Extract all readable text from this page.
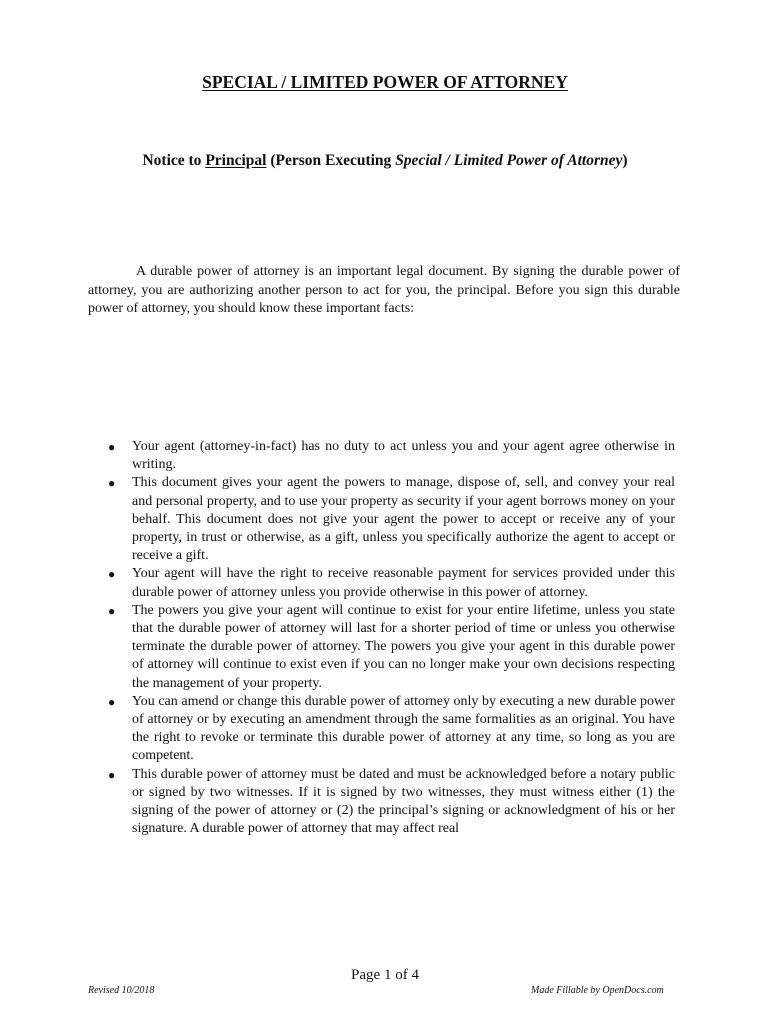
SPECIAL / LIMITED POWER OF ATTORNEY
Notice to Principal (Person Executing Special / Limited Power of Attorney)

A durable power of attorney is an important legal document. By signing the durable power of attorney, you are authorizing another person to act for you, the principal. Before you sign this durable power of attorney, you should know these important facts:

● Your agent (attorney-in-fact) has no duty to act unless you and your agent agree otherwise in writing.
● This document gives your agent the powers to manage, dispose of, sell, and convey your real and personal property, and to use your property as security if your agent borrows money on your behalf. This document does not give your agent the power to accept or receive any of your property, in trust or otherwise, as a gift, unless you specifically authorize the agent to accept or receive a gift.
● Your agent will have the right to receive reasonable payment for services provided under this durable power of attorney unless you provide otherwise in this power of attorney.
● The powers you give your agent will continue to exist for your entire lifetime, unless you state that the durable power of attorney will last for a shorter period of time or unless you otherwise terminate the durable power of attorney. The powers you give your agent in this durable power of attorney will continue to exist even if you can no longer make your own decisions respecting the management of your property.
● You can amend or change this durable power of attorney only by executing a new durable power of attorney or by executing an amendment through the same formalities as an original. You have the right to revoke or terminate this durable power of attorney at any time, so long as you are competent.
● This durable power of attorney must be dated and must be acknowledged before a notary public or signed by two witnesses. If it is signed by two witnesses, they must witness either (1) the signing of the power of attorney or (2) the principal’s signing or acknowledgment of his or her signature. A durable power of attorney that may affect real
Page 1 of 4
Revised 10/2018	Made Fillable by OpenDocs.com
